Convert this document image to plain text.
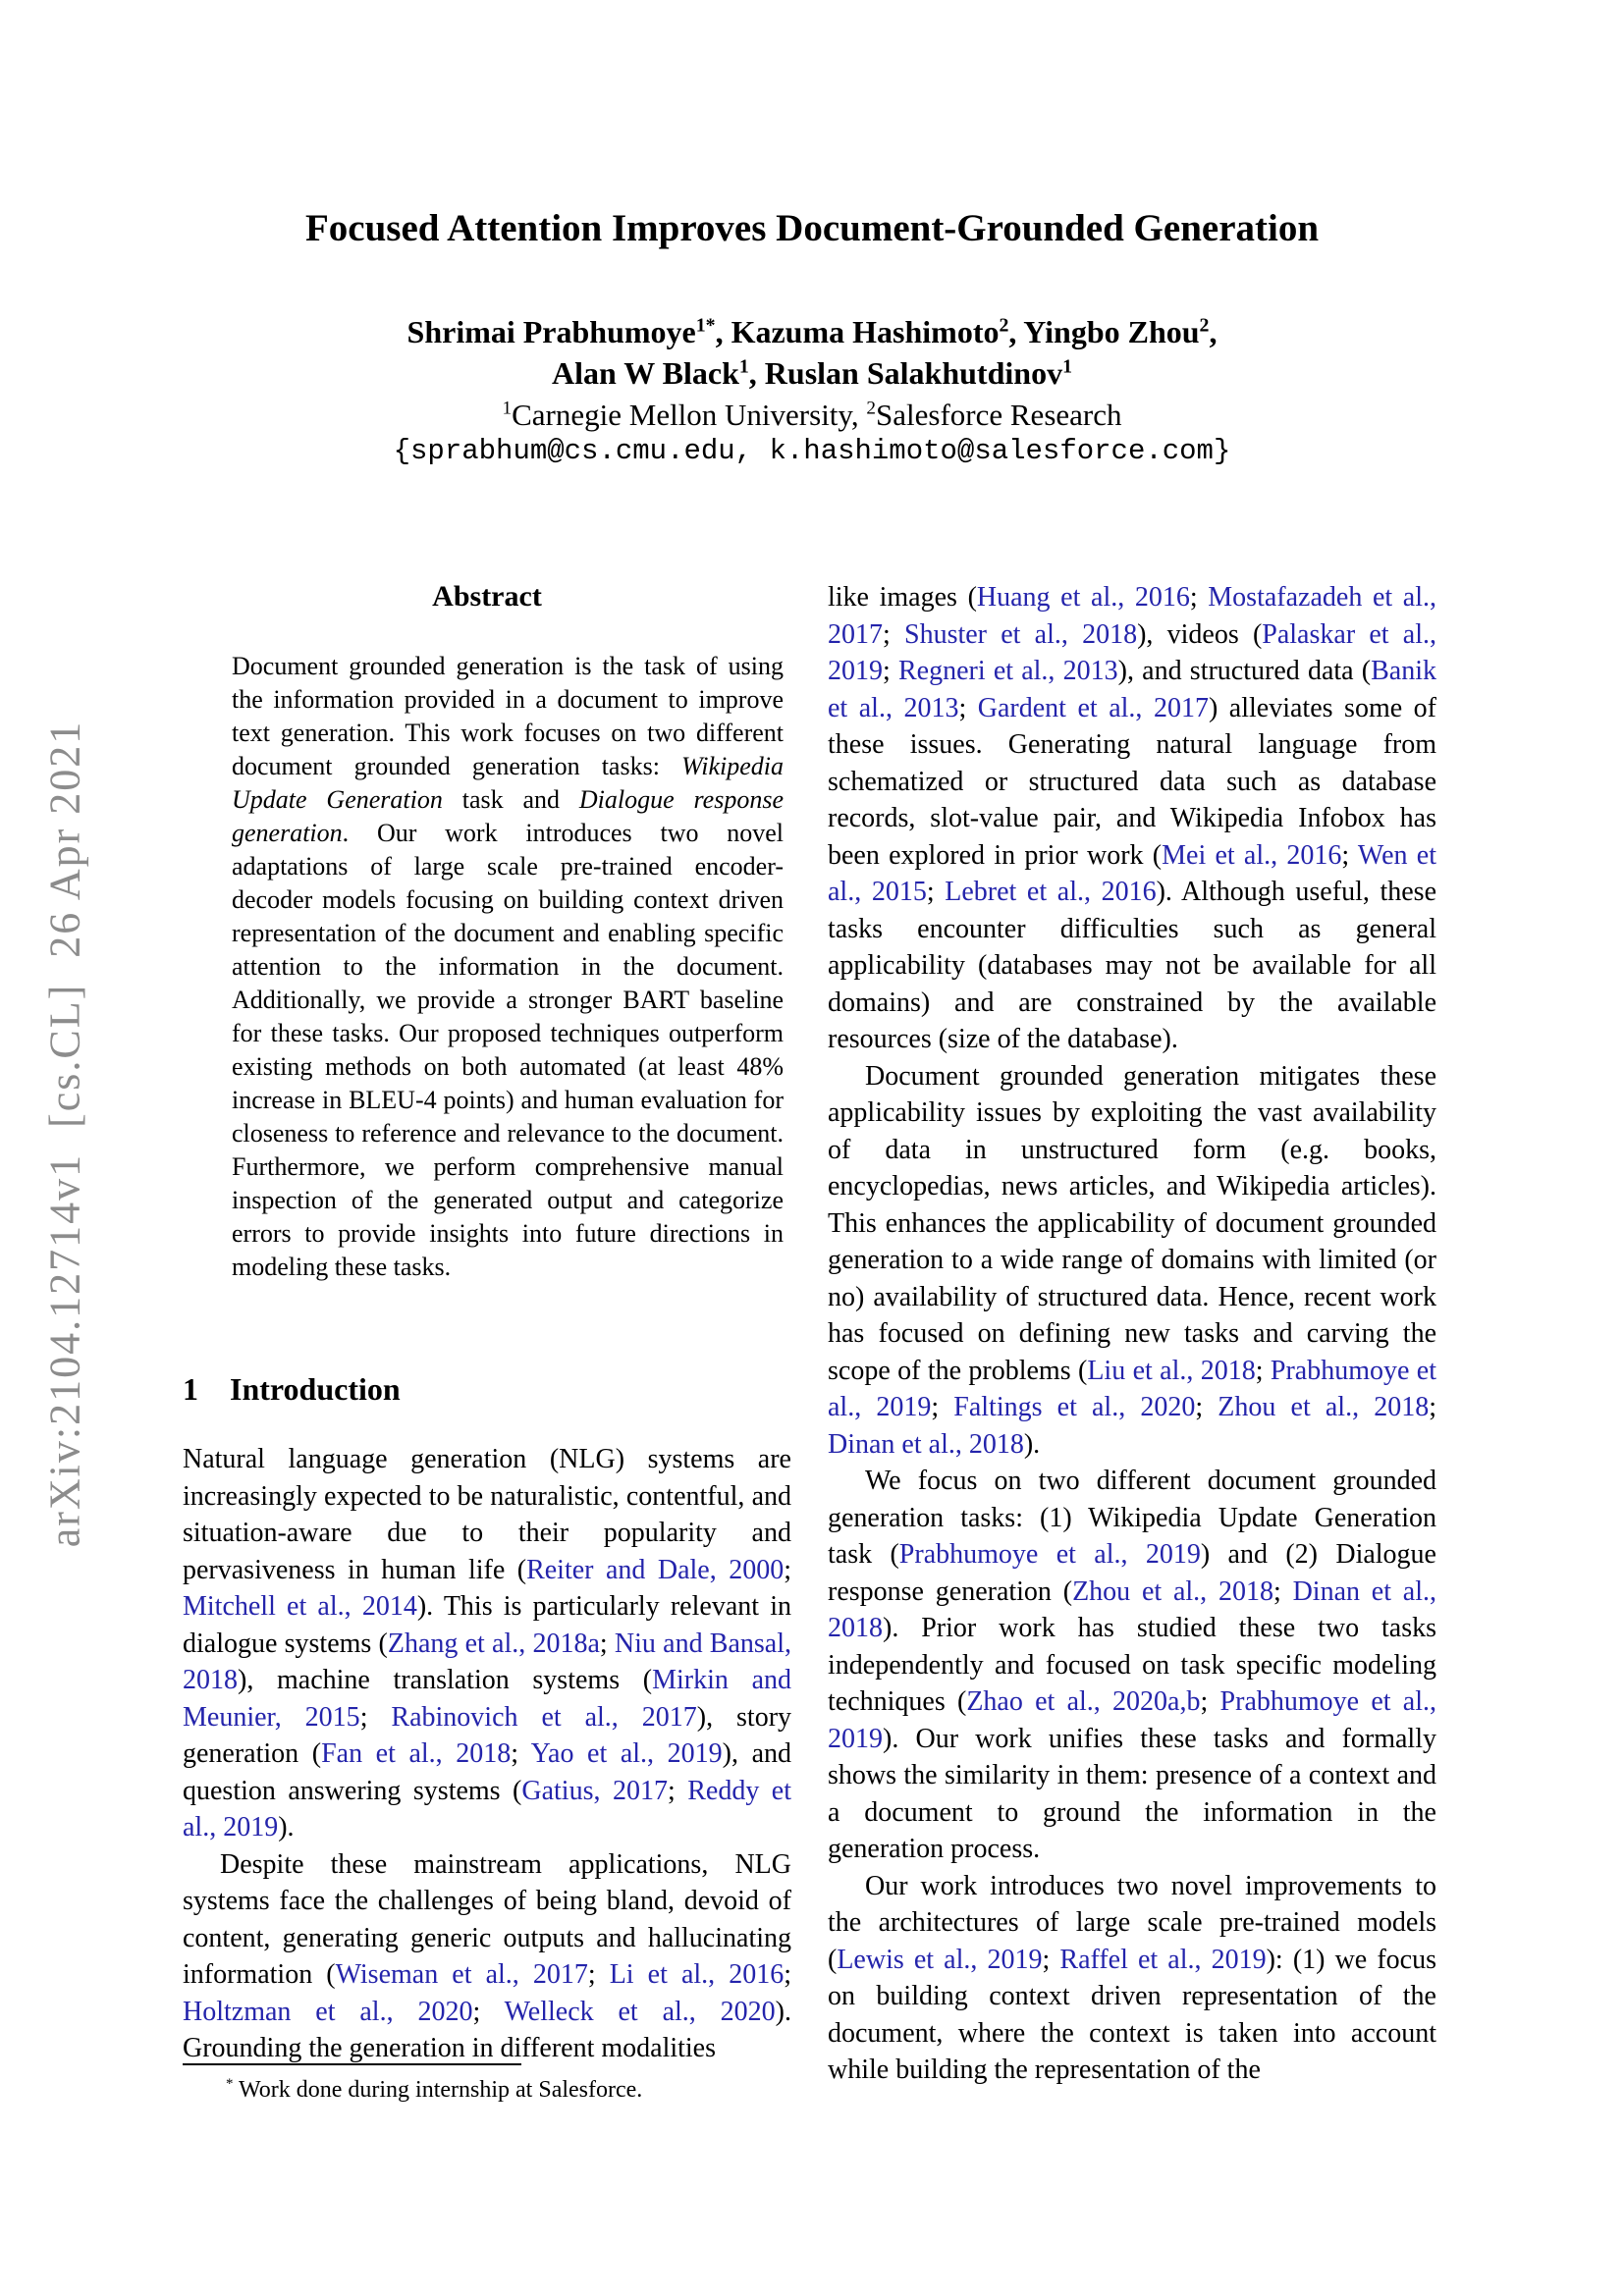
arXiv:2104.12714v1  [cs.CL]  26 Apr 2021
Focused Attention Improves Document-Grounded Generation
Shrimai Prabhumoye$^{1*}$, Kazuma Hashimoto$^2$, Yingbo Zhou$^2$,
Alan W Black$^1$, Ruslan Salakhutdinov$^1$
$^1$Carnegie Mellon University, $^2$Salesforce Research
{sprabhum@cs.cmu.edu, k.hashimoto@salesforce.com}
Abstract
Document grounded generation is the task of using the information provided in a document to improve text generation. This work focuses on two different document grounded generation tasks: Wikipedia Update Generation task and Dialogue response generation. Our work introduces two novel adaptations of large scale pre-trained encoder-decoder models focusing on building context driven representation of the document and enabling specific attention to the information in the document. Additionally, we provide a stronger BART baseline for these tasks. Our proposed techniques outperform existing methods on both automated (at least 48% increase in BLEU-4 points) and human evaluation for closeness to reference and relevance to the document. Furthermore, we perform comprehensive manual inspection of the generated output and categorize errors to provide insights into future directions in modeling these tasks.
1 Introduction

Natural language generation (NLG) systems are increasingly expected to be naturalistic, contentful, and situation-aware due to their popularity and pervasiveness in human life (Reiter and Dale, 2000; Mitchell et al., 2014). This is particularly relevant in dialogue systems (Zhang et al., 2018a; Niu and Bansal, 2018), machine translation systems (Mirkin and Meunier, 2015; Rabinovich et al., 2017), story generation (Fan et al., 2018; Yao et al., 2019), and question answering systems (Gatius, 2017; Reddy et al., 2019).

Despite these mainstream applications, NLG systems face the challenges of being bland, devoid of content, generating generic outputs and hallucinating information (Wiseman et al., 2017; Li et al., 2016; Holtzman et al., 2020; Welleck et al., 2020). Grounding the generation in different modalities

like images (Huang et al., 2016; Mostafazadeh et al., 2017; Shuster et al., 2018), videos (Palaskar et al., 2019; Regneri et al., 2013), and structured data (Banik et al., 2013; Gardent et al., 2017) alleviates some of these issues. Generating natural language from schematized or structured data such as database records, slot-value pair, and Wikipedia Infobox has been explored in prior work (Mei et al., 2016; Wen et al., 2015; Lebret et al., 2016). Although useful, these tasks encounter difficulties such as general applicability (databases may not be available for all domains) and are constrained by the available resources (size of the database).

Document grounded generation mitigates these applicability issues by exploiting the vast availability of data in unstructured form (e.g. books, encyclopedias, news articles, and Wikipedia articles). This enhances the applicability of document grounded generation to a wide range of domains with limited (or no) availability of structured data. Hence, recent work has focused on defining new tasks and carving the scope of the problems (Liu et al., 2018; Prabhumoye et al., 2019; Faltings et al., 2020; Zhou et al., 2018; Dinan et al., 2018).

We focus on two different document grounded generation tasks: (1) Wikipedia Update Generation task (Prabhumoye et al., 2019) and (2) Dialogue response generation (Zhou et al., 2018; Dinan et al., 2018). Prior work has studied these two tasks independently and focused on task specific modeling techniques (Zhao et al., 2020a,b; Prabhumoye et al., 2019). Our work unifies these tasks and formally shows the similarity in them: presence of a context and a document to ground the information in the generation process.

Our work introduces two novel improvements to the architectures of large scale pre-trained models (Lewis et al., 2019; Raffel et al., 2019): (1) we focus on building context driven representation of the document, where the context is taken into account while building the representation of the

* Work done during internship at Salesforce.
